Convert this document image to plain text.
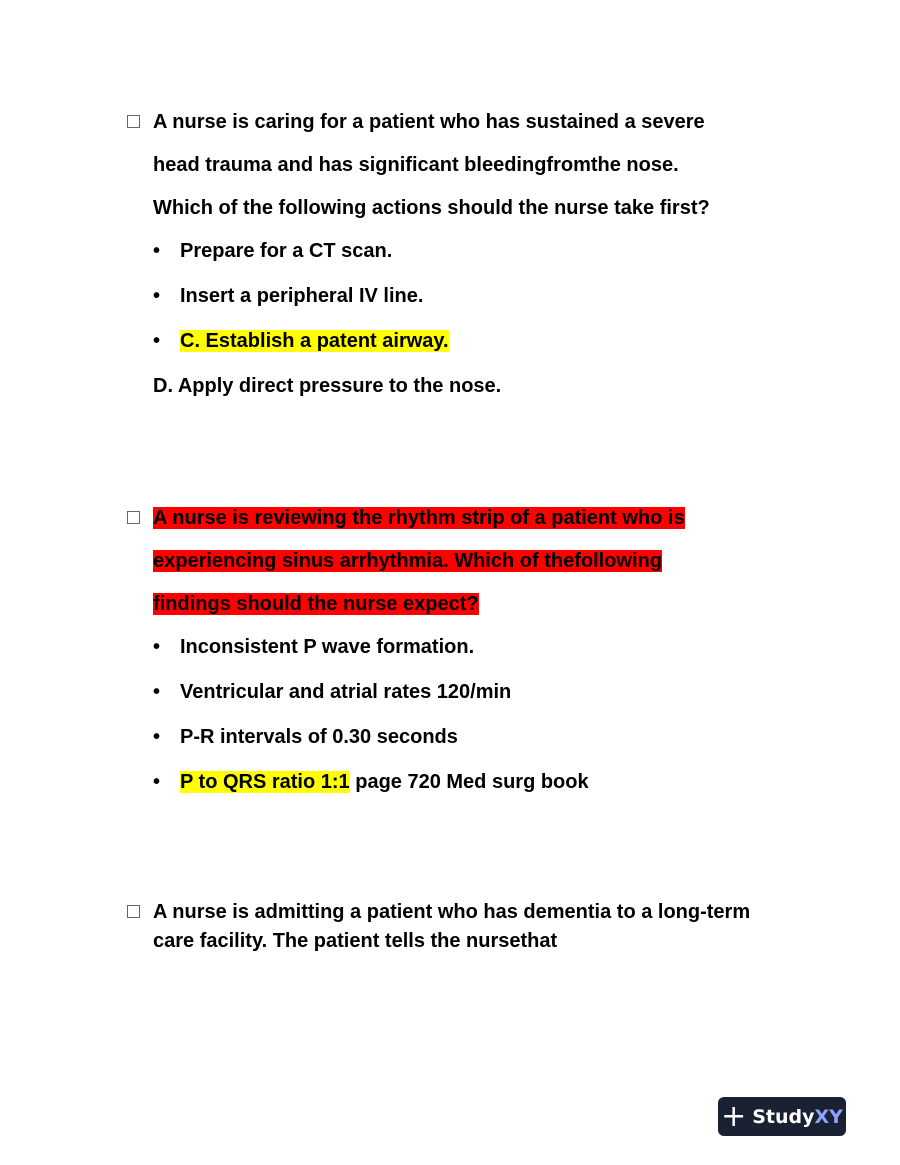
A nurse is caring for a patient who has sustained a severe
head trauma and has significant bleedingfromthe nose.
Which of the following actions should the nurse take first?
• Prepare for a CT scan.
• Insert a peripheral IV line.
• C. Establish a patent airway.
D. Apply direct pressure to the nose.
A nurse is reviewing the rhythm strip of a patient who is
experiencing sinus arrhythmia. Which of thefollowing
findings should the nurse expect?
• Inconsistent P wave formation.
• Ventricular and atrial rates 120/min
• P-R intervals of 0.30 seconds
• P to QRS ratio 1:1 page 720 Med surg book
A nurse is admitting a patient who has dementia to a long-term
care facility. The patient tells the nursethat
+ Study XY
